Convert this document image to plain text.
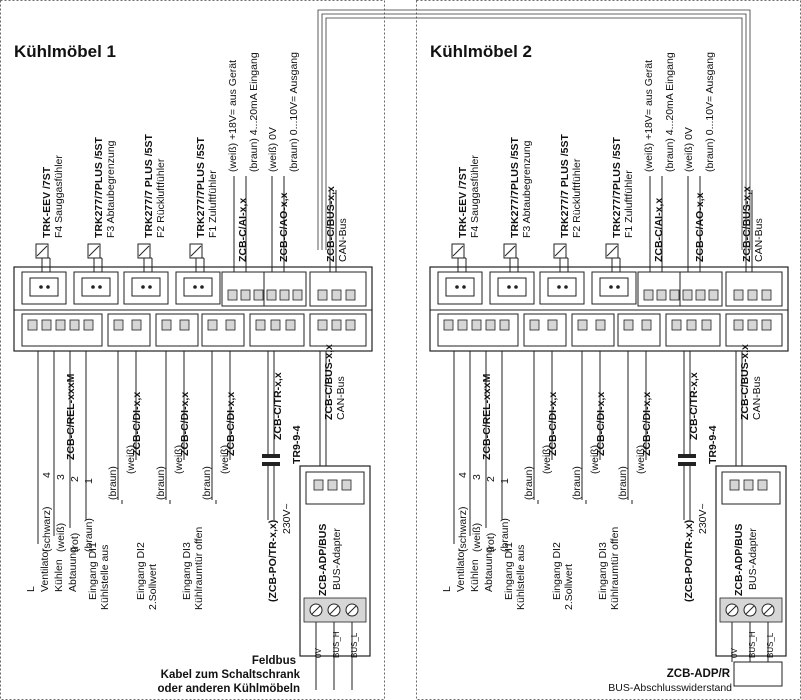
Kühlmöbel 1
TRK-EEV /7ST F4 Sauggasfühler	TRK277/7PLUS /5ST F3 Abtaubegrenzung TRK277/7 PLUS /5ST F2 Rückluftfühler	TRK277/7PLUS /5ST F1 Zuluftfühler
(weiß) +18V= aus Gerät (braun) 4...20mA Eingang (weiß) 0V (braun) 0...10V= Ausgang
ZCB-C/AI-x,x	ZCB-C/AO-x,x	ZCB-C/BUS-x,x CAN-Bus
ZCB-C/REL-xxxM
L
(schwarz)
4
Ventilator
(weiß)
3
Kühlen
(rot)
2
Abtauung
(braun)
1
ZCB-C/DI-x,x
(braun)
(weiß)
Eingang DI1 Kühlstelle aus
ZCB-C/DI-x,x
(braun)
(weiß)
Eingang DI2 2.Sollwert
ZCB-C/DI-x,x
(braun)
(weiß)
Eingang DI3 Kühlraumtür offen
ZCB-C/TR-x,x
TR9-9-4
(ZCB-PO/TR-x,x)
230V~
ZCB-C/BUS-x,x CAN-Bus
ZCB-ADP/BUS BUS-Adapter
0V BUS_H BUS_L
Feldbus
Kabel zum Schaltschrank
oder anderen Kühlmöbeln
Kühlmöbel 2
TRK-EEV /7ST F4 Sauggasfühler	TRK277/7PLUS /5ST F3 Abtaubegrenzung TRK277/7 PLUS /5ST F2 Rückluftfühler	TRK277/7PLUS /5ST F1 Zuluftfühler
(weiß) +18V= aus Gerät (braun) 4...20mA Eingang (weiß) 0V (braun) 0...10V= Ausgang
ZCB-C/AI-x,x	ZCB-C/AO-x,x	ZCB-C/BUS-x,x CAN-Bus
ZCB-C/REL-xxxM
L
(schwarz)
4
Ventilator
(weiß)
3
Kühlen
(rot)
2
Abtauung
(braun)
1
ZCB-C/DI-x,x
(braun)
(weiß)
Eingang DI1 Kühlstelle aus
ZCB-C/DI-x,x
(braun)
(weiß)
Eingang DI2 2.Sollwert
ZCB-C/DI-x,x
(braun)
(weiß)
Eingang DI3 Kühlraumtür offen
ZCB-C/TR-x,x
TR9-9-4
(ZCB-PO/TR-x,x)
230V~
ZCB-C/BUS-x,x CAN-Bus
ZCB-ADP/BUS BUS-Adapter
0V BUS_H BUS_L
ZCB-ADP/R
BUS-Abschlusswiderstand
